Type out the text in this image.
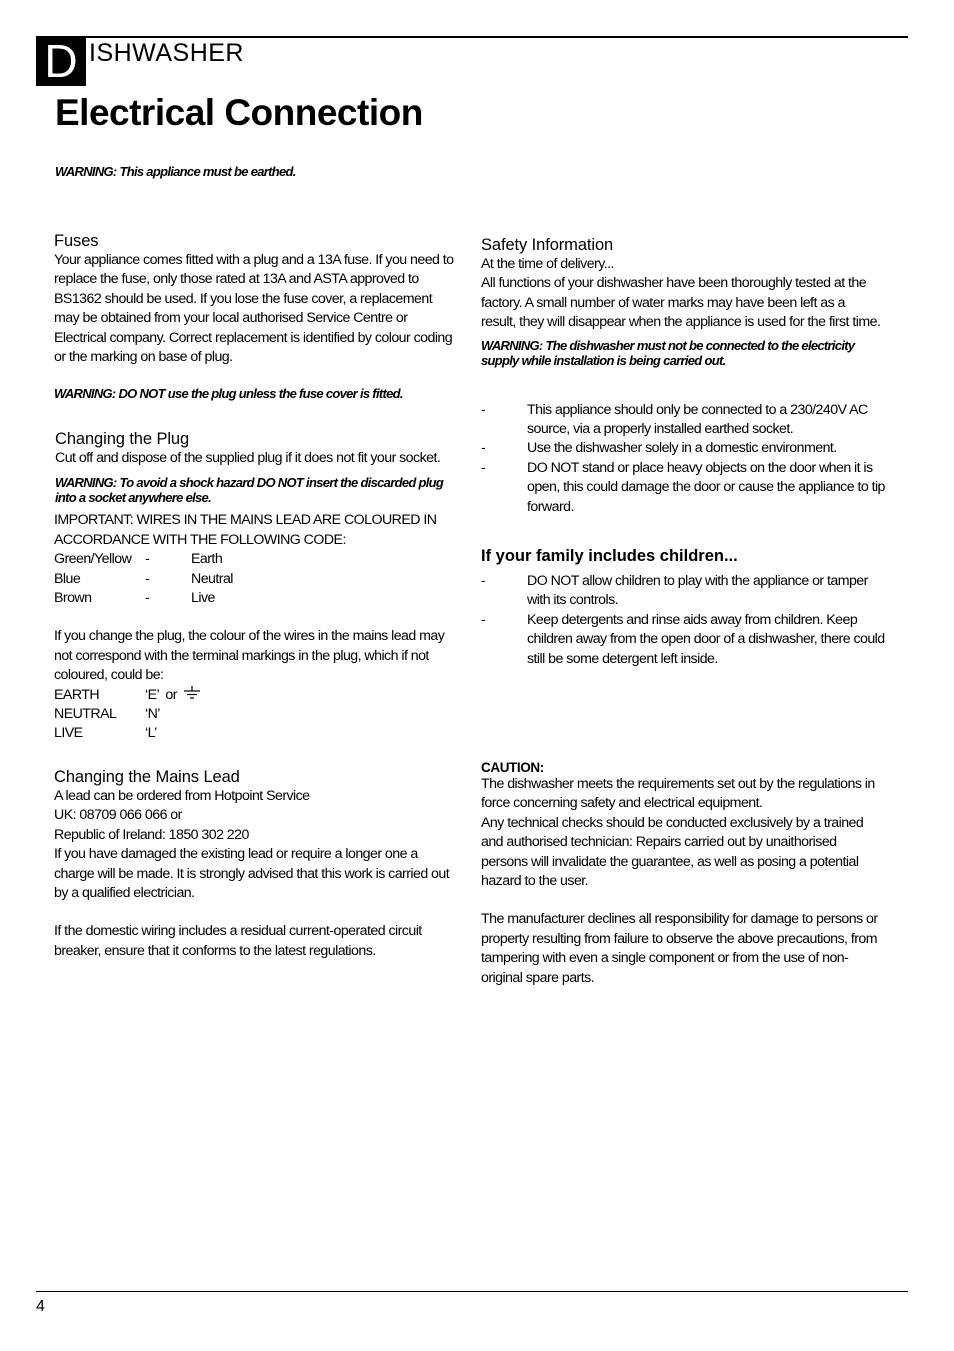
D ISHWASHER
Electrical Connection

WARNING: This appliance must be earthed.

Fuses

Your appliance comes fitted with a plug and a 13A fuse. If you need to

replace the fuse, only those rated at 13A and ASTA approved to

BS1362 should be used. If you lose the fuse cover, a replacement

may be obtained from your local authorised Service Centre or

Electrical company. Correct replacement is identified by colour coding

or the marking on base of plug.

WARNING: DO NOT use the plug unless the fuse cover is fitted.

Changing the Plug

Cut off and dispose of the supplied plug if it does not fit your socket.

WARNING: To avoid a shock hazard DO NOT insert the discarded plug

into a socket anywhere else.

IMPORTANT: WIRES IN THE MAINS LEAD ARE COLOURED IN

ACCORDANCE WITH THE FOLLOWING CODE:

Green/Yellow -	Earth
Blue	-	Neutral
Brown	-	Live

If you change the plug, the colour of the wires in the mains lead may

not correspond with the terminal markings in the plug, which if not

coloured, could be:

EARTH	‘E’  or
NEUTRAL	‘N’
LIVE	‘L’

Changing the Mains Lead

A lead can be ordered from Hotpoint Service

UK: 08709 066 066 or

Republic of Ireland: 1850 302 220

If you have damaged the existing lead or require a longer one a

charge will be made. It is strongly advised that this work is carried out

by a qualified electrician.

If the domestic wiring includes a residual current-operated circuit

breaker, ensure that it conforms to the latest regulations.

Safety Information

At the time of delivery...

All functions of your dishwasher have been thoroughly tested at the

factory. A small number of water marks may have been left as a

result, they will disappear when the appliance is used for the first time.

WARNING: The dishwasher must not be connected to the electricity

supply while installation is being carried out.

-	This appliance should only be connected to a 230/240V AC
source, via a properly installed earthed socket.
-	Use the dishwasher solely in a domestic environment.
-	DO NOT stand or place heavy objects on the door when it is
open, this could damage the door or cause the appliance to tip
forward.

If your family includes children...

-	DO NOT allow children to play with the appliance or tamper
with its controls.
-	Keep detergents and rinse aids away from children. Keep
children away from the open door of a dishwasher, there could
still be some detergent left inside.

CAUTION:

The dishwasher meets the requirements set out by the regulations in

force concerning safety and electrical equipment.

Any technical checks should be conducted exclusively by a trained

and authorised technician: Repairs carried out by unaithorised

persons will invalidate the guarantee, as well as posing a potential

hazard to the user.

The manufacturer declines all responsibility for damage to persons or

property resulting from failure to observe the above precautions, from

tampering with even a single component or from the use of non-

original spare parts.

4
